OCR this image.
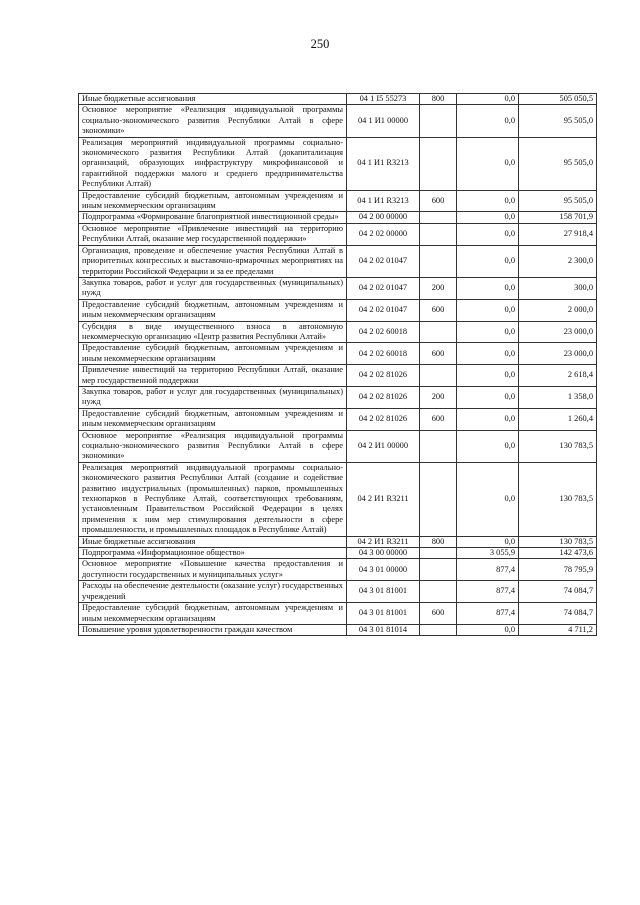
250
Иные бюджетные ассигнования	04 1 I5 55273	800	0,0	505 050,5
Основное мероприятие «Реализация индивидуальной программы социально-экономического развития Республики Алтай в сфере экономики»	04 1 И1 00000		0,0	95 505,0
Реализация мероприятий индивидуальной программы социально-экономического развития Республики Алтай (докапитализация организаций, образующих инфраструктуру микрофинансовой и гарантийной поддержки малого и среднего предпринимательства Республики Алтай)	04 1 И1 R3213		0,0	95 505,0
Предоставление субсидий бюджетным, автономным учреждениям и иным некоммерческим организациям	04 1 И1 R3213	600	0,0	95 505,0
Подпрограмма «Формирование благоприятной инвестиционной среды»	04 2 00 00000		0,0	158 701,9
Основное мероприятие «Привлечение инвестиций на территорию Республики Алтай, оказание мер государственной поддержки»	04 2 02 00000		0,0	27 918,4
Организация, проведение и обеспечение участия Республики Алтай в приоритетных конгрессных и выставочно-ярмарочных мероприятиях на территории Российской Федерации и за ее пределами	04 2 02 01047		0,0	2 300,0
Закупка товаров, работ и услуг для государственных (муниципальных) нужд	04 2 02 01047	200	0,0	300,0
Предоставление субсидий бюджетным, автономным учреждениям и иным некоммерческим организациям	04 2 02 01047	600	0,0	2 000,0
Субсидия в виде имущественного взноса в автономную некоммерческую организацию «Центр развития Республики Алтай»	04 2 02 60018		0,0	23 000,0
Предоставление субсидий бюджетным, автономным учреждениям и иным некоммерческим организациям	04 2 02 60018	600	0,0	23 000,0
Привлечение инвестиций на территорию Республики Алтай, оказание мер государственной поддержки	04 2 02 81026		0,0	2 618,4
Закупка товаров, работ и услуг для государственных (муниципальных) нужд	04 2 02 81026	200	0,0	1 358,0
Предоставление субсидий бюджетным, автономным учреждениям и иным некоммерческим организациям	04 2 02 81026	600	0,0	1 260,4
Основное мероприятие «Реализация индивидуальной программы социально-экономического развития Республики Алтай в сфере экономики»	04 2 И1 00000		0,0	130 783,5
Реализация мероприятий индивидуальной программы социально-экономического развития Республики Алтай (создание и содействие развитию индустриальных (промышленных) парков, промышленных технопарков в Республике Алтай, соответствующих требованиям, установленным Правительством Российской Федерации в целях применения к ним мер стимулирования деятельности в сфере промышленности, и промышленных площадок в Республике Алтай)	04 2 И1 R3211		0,0	130 783,5
Иные бюджетные ассигнования	04 2 И1 R3211	800	0,0	130 783,5
Подпрограмма «Информационное общество»	04 3 00 00000		3 055,9	142 473,6
Основное мероприятие «Повышение качества предоставления и доступности государственных и муниципальных услуг»	04 3 01 00000		877,4	78 795,9
Расходы на обеспечение деятельности (оказание услуг) государственных учреждений	04 3 01 81001		877,4	74 084,7
Предоставление субсидий бюджетным, автономным учреждениям и иным некоммерческим организациям	04 3 01 81001	600	877,4	74 084,7
Повышение уровня удовлетворенности граждан качеством	04 3 01 81014		0,0	4 711,2
